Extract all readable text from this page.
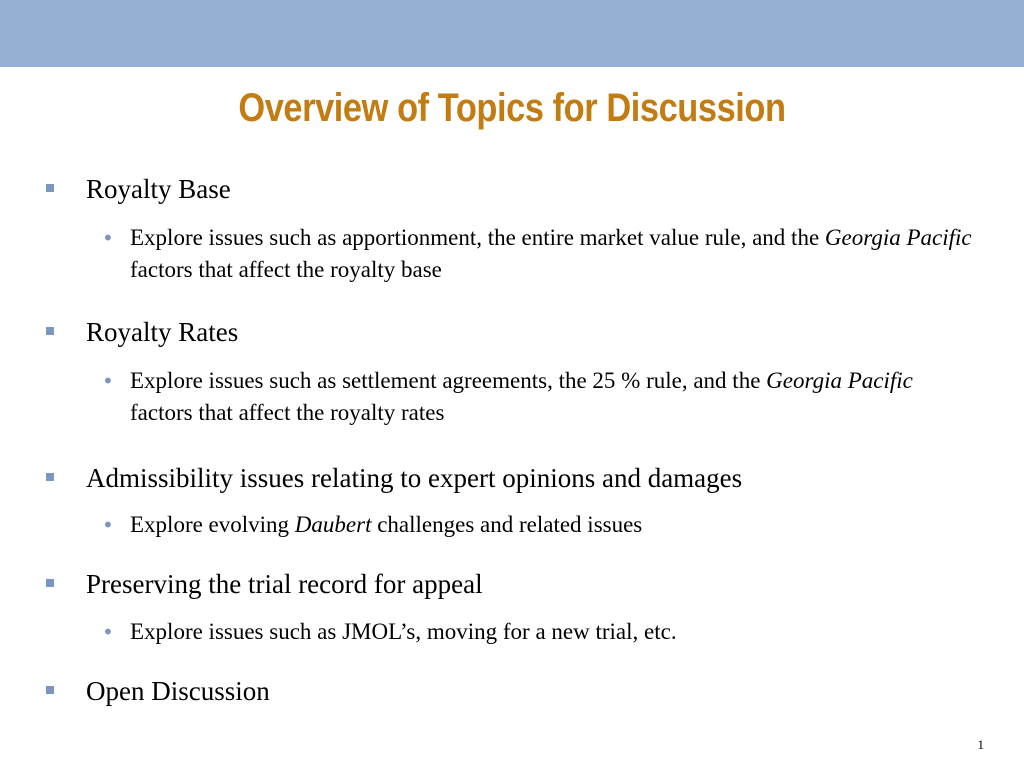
Overview of Topics for Discussion
Royalty Base
• Explore issues such as apportionment, the entire market value rule, and the Georgia Pacific factors that affect the royalty base
Royalty Rates
• Explore issues such as settlement agreements, the 25 % rule, and the Georgia Pacific factors that affect the royalty rates
Admissibility issues relating to expert opinions and damages
• Explore evolving Daubert challenges and related issues
Preserving the trial record for appeal
• Explore issues such as JMOL’s, moving for a new trial, etc.
Open Discussion
1
